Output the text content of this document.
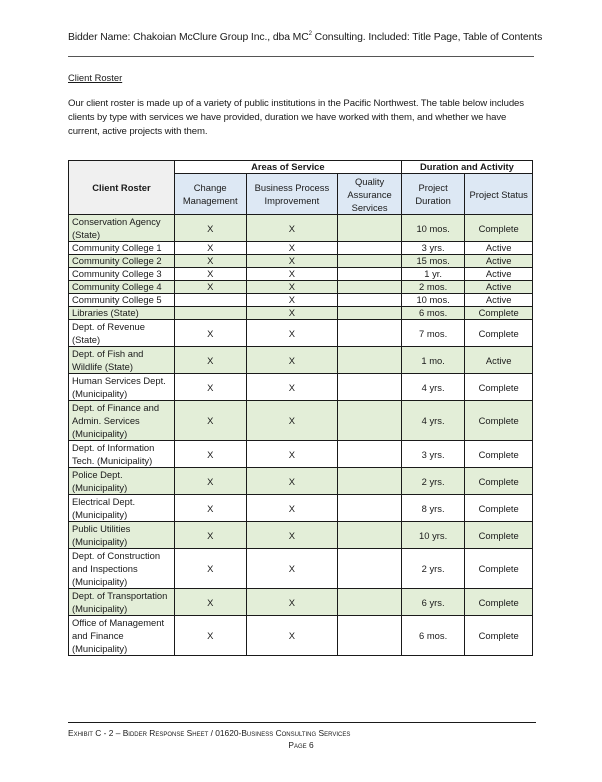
Bidder Name: Chakoian McClure Group Inc., dba $MC^2$ Consulting. Included: Title Page, Table of Contents
Client Roster
Our client roster is made up of a variety of public institutions in the Pacific Northwest. The table below includes clients by type with services we have provided, duration we have worked with them, and whether we have current, active projects with them.
Client Roster	Areas of Service			Duration and Activity	
	Change Management	Business Process Improvement	Quality Assurance Services	Project Duration	Project Status
Conservation Agency (State)	X	X		10 mos.	Complete
Community College 1	X	X		3 yrs.	Active
Community College 2	X	X		15 mos.	Active
Community College 3	X	X		1 yr.	Active
Community College 4	X	X		2 mos.	Active
Community College 5		X		10 mos.	Active
Libraries (State)		X		6 mos.	Complete
Dept. of Revenue (State)	X	X		7 mos.	Complete
Dept. of Fish and Wildlife (State)	X	X		1 mo.	Active
Human Services Dept. (Municipality)	X	X		4 yrs.	Complete
Dept. of Finance and Admin. Services (Municipality)	X	X		4 yrs.	Complete
Dept. of Information Tech. (Municipality)	X	X		3 yrs.	Complete
Police Dept. (Municipality)	X	X		2 yrs.	Complete
Electrical Dept. (Municipality)	X	X		8 yrs.	Complete
Public Utilities (Municipality)	X	X		10 yrs.	Complete
Dept. of Construction and Inspections (Municipality)	X	X		2 yrs.	Complete
Dept. of Transportation (Municipality)	X	X		6 yrs.	Complete
Office of Management and Finance (Municipality)	X	X		6 mos.	Complete
Exhibit C - 2 – Bidder Response Sheet / 01620-Business Consulting Services
Page 6
